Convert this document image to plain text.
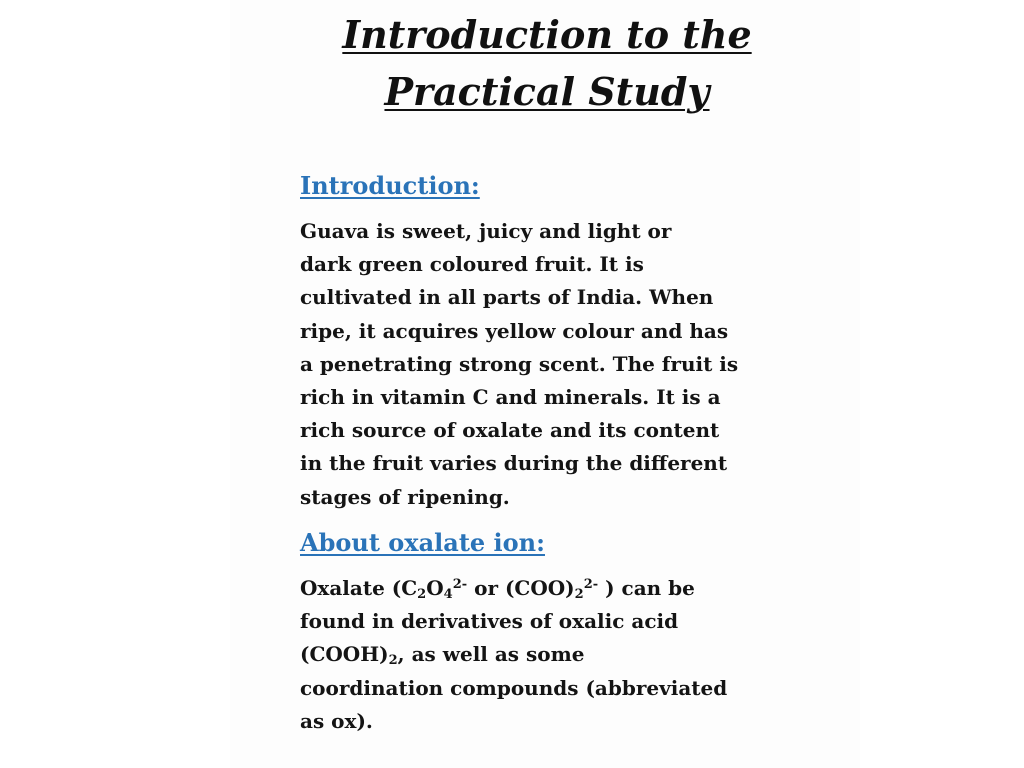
Introduction to the
Practical Study
Introduction:

Guava is sweet, juicy and light or
dark green coloured fruit. It is
cultivated in all parts of India. When
ripe, it acquires yellow colour and has
a penetrating strong scent. The fruit is
rich in vitamin C and minerals. It is a
rich source of oxalate and its content
in the fruit varies during the different
stages of ripening.

About oxalate ion:

Oxalate ($C_2O_4^{2-}$ or $(COO)_2^{2-}$ ) can be
found in derivatives of oxalic acid
$(COOH)_2$, as well as some
coordination compounds (abbreviated
as ox).
